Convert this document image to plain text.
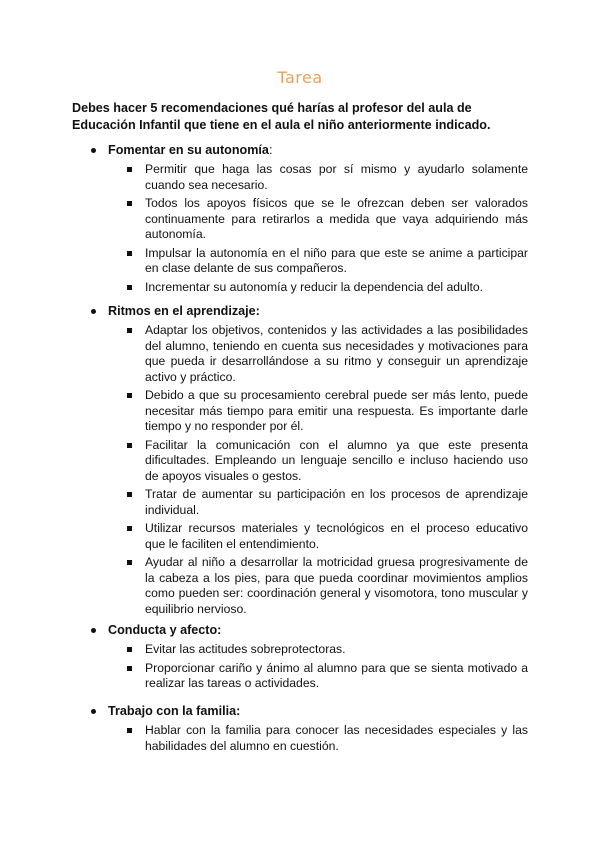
Tarea
Debes hacer 5 recomendaciones qué harías al profesor del aula de Educación Infantil que tiene en el aula el niño anteriormente indicado.
Fomentar en su autonomía:
Permitir que haga las cosas por sí mismo y ayudarlo solamente cuando sea necesario.
Todos los apoyos físicos que se le ofrezcan deben ser valorados continuamente para retirarlos a medida que vaya adquiriendo más autonomía.
Impulsar la autonomía en el niño para que este se anime a participar en clase delante de sus compañeros.
Incrementar su autonomía y reducir la dependencia del adulto.
Ritmos en el aprendizaje:
Adaptar los objetivos, contenidos y las actividades a las posibilidades del alumno, teniendo en cuenta sus necesidades y motivaciones para que pueda ir desarrollándose a su ritmo y conseguir un aprendizaje activo y práctico.
Debido a que su procesamiento cerebral puede ser más lento, puede necesitar más tiempo para emitir una respuesta. Es importante darle tiempo y no responder por él.
Facilitar la comunicación con el alumno ya que este presenta dificultades. Empleando un lenguaje sencillo e incluso haciendo uso de apoyos visuales o gestos.
Tratar de aumentar su participación en los procesos de aprendizaje individual.
Utilizar recursos materiales y tecnológicos en el proceso educativo que le faciliten el entendimiento.
Ayudar al niño a desarrollar la motricidad gruesa progresivamente de la cabeza a los pies, para que pueda coordinar movimientos amplios como pueden ser: coordinación general y visomotora, tono muscular y equilibrio nervioso.
Conducta y afecto:
Evitar las actitudes sobreprotectoras.
Proporcionar cariño y ánimo al alumno para que se sienta motivado a realizar las tareas o actividades.
Trabajo con la familia:
Hablar con la familia para conocer las necesidades especiales y las habilidades del alumno en cuestión.
